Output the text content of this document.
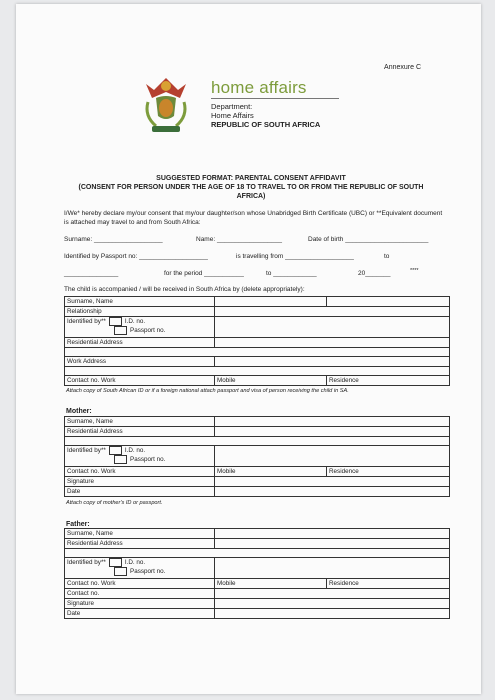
Annexure C
home affairs
Department:
Home Affairs
REPUBLIC OF SOUTH AFRICA
SUGGESTED FORMAT: PARENTAL CONSENT AFFIDAVIT
(CONSENT FOR PERSON UNDER THE AGE OF 18 TO TRAVEL TO OR FROM THE REPUBLIC OF SOUTH
AFRICA)
I/We* hereby declare my/our consent that my/our daughter/son whose Unabridged Birth Certificate (UBC) or **Equivalent document is attached may travel to and from South Africa:
Surname: ___________________	Name: __________________	Date of birth _______________________
Identified by Passport no: ___________________	is travelling from ___________________	to
_______________	for the period ___________	to ____________	20_______	****
The child is accompanied / will be received in South Africa by (delete appropriately):
Surname, Name		
Relationship		

Identified by** I.D. no.
Passport no.		

Residential Address		

Work Address		

Contact no. Work	Mobile	Residence
Attach copy of South African ID or if a foreign national attach passport and visa of person receiving the child in SA.
Mother:
Surname, Name		
Residential Address		

Identified by** I.D. no.
Passport no.		

Contact no. Work	Mobile	Residence
Signature		
Date		
Attach copy of mother's ID or passport.
Father:
Surname, Name		
Residential Address		

Identified by** I.D. no.
Passport no.		

Contact no. Work	Mobile	Residence
Contact no.		
Signature		
Date		
